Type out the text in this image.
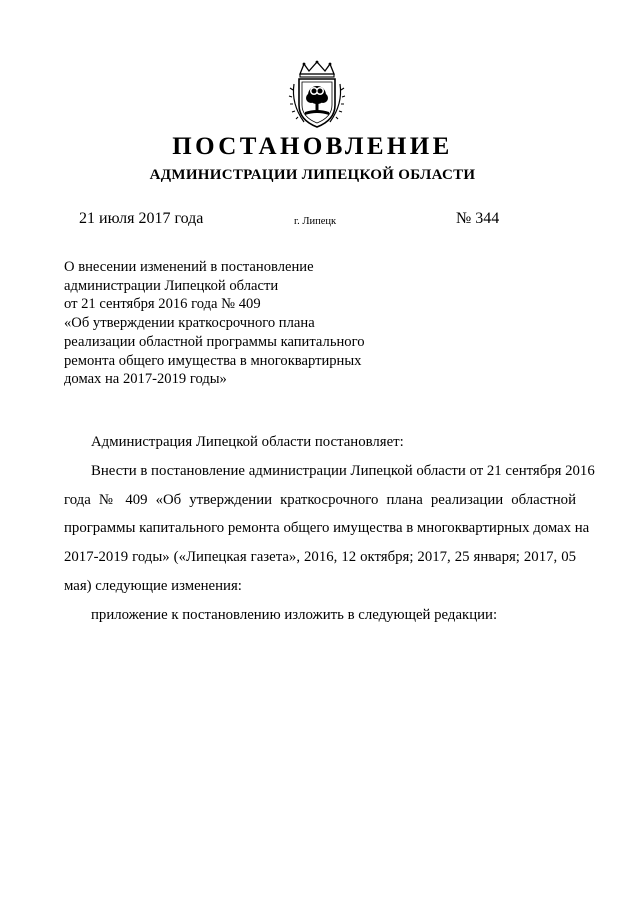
ПОСТАНОВЛЕНИЕ
АДМИНИСТРАЦИИ ЛИПЕЦКОЙ ОБЛАСТИ
21 июля 2017 года	г. Липецк	№ 344
О внесении изменений в постановление
администрации Липецкой области
от 21 сентября 2016 года № 409
«Об утверждении краткосрочного плана
реализации областной программы капитального
ремонта общего имущества в многоквартирных
домах на 2017-2019 годы»
Администрация Липецкой области постановляет:
Внести в постановление администрации Липецкой области от 21 сентября 2016
года № 409 «Об утверждении краткосрочного плана реализации областной
программы капитального ремонта общего имущества в многоквартирных домах на
2017-2019 годы» («Липецкая газета», 2016, 12 октября; 2017, 25 января; 2017, 05
мая) следующие изменения:
приложение к постановлению изложить в следующей редакции:
